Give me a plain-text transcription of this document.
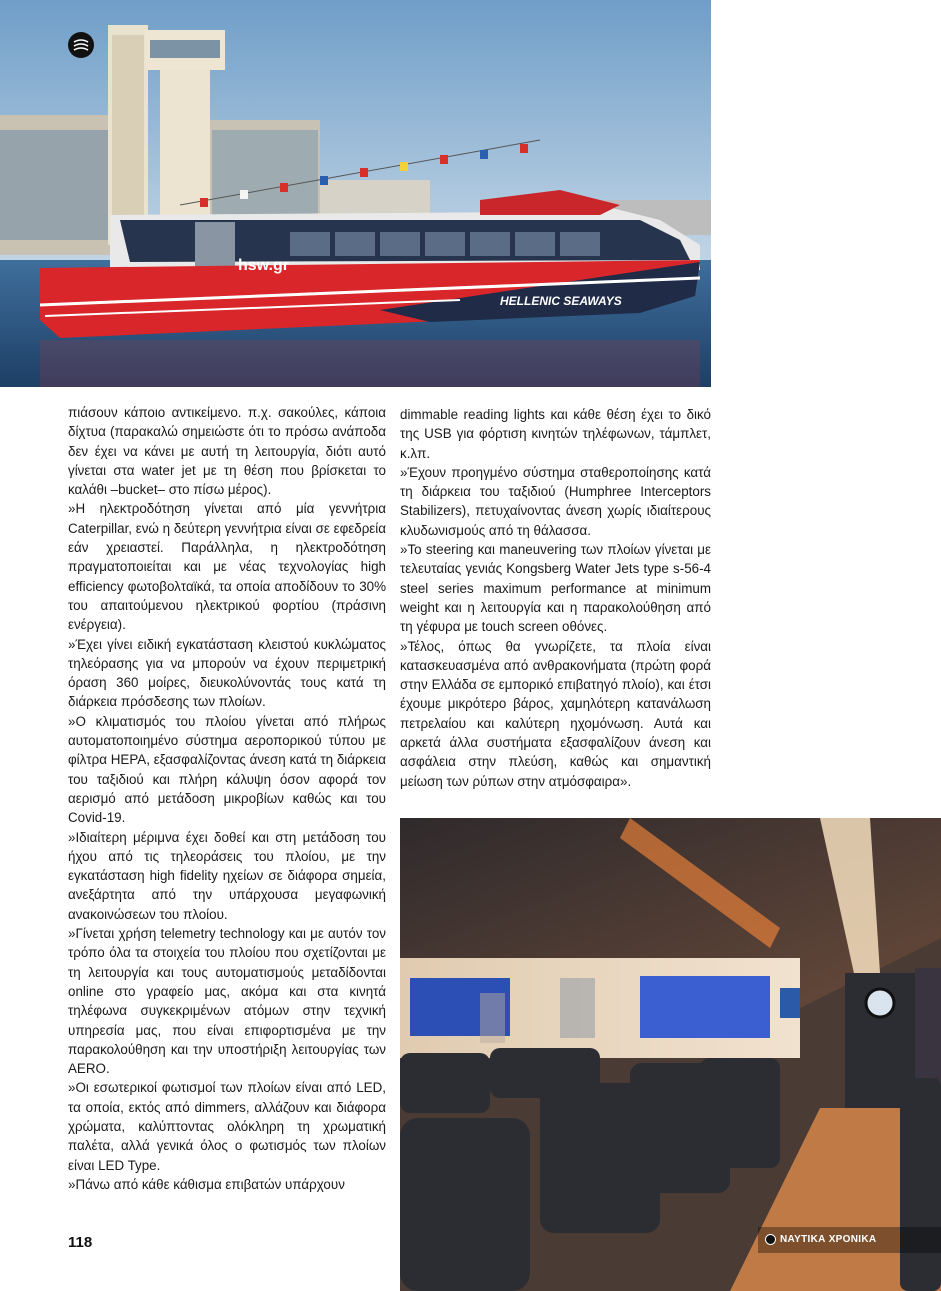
hsw.gr
HELLENIC SEAWAYS

πιάσουν κάποιο αντικείμενο. π.χ. σακούλες, κάποια δίχτυα (παρακαλώ σημειώστε ότι το πρόσω ανάποδα δεν έχει να κάνει με αυτή τη λειτουργία, διότι αυτό γίνεται στα water jet με τη θέση που βρίσκεται το καλάθι –bucket– στο πίσω μέρος).

»Η ηλεκτροδότηση γίνεται από μία γεννήτρια Caterpillar, ενώ η δεύτερη γεννήτρια είναι σε εφεδρεία εάν χρειαστεί. Παράλληλα, η ηλεκτροδότηση πραγματοποιείται και με νέας τεχνολογίας high efficiency φωτοβολταϊκά, τα οποία αποδίδουν το 30% του απαιτούμενου ηλεκτρικού φορτίου (πράσινη ενέργεια).

»Έχει γίνει ειδική εγκατάσταση κλειστού κυκλώματος τηλεόρασης για να μπορούν να έχουν περιμετρική όραση 360 μοίρες, διευκολύνοντάς τους κατά τη διάρκεια πρόσδεσης των πλοίων.

»Ο κλιματισμός του πλοίου γίνεται από πλήρως αυτοματοποιημένο σύστημα αεροπορικού τύπου με φίλτρα HEPA, εξασφαλίζοντας άνεση κατά τη διάρκεια του ταξιδιού και πλήρη κάλυψη όσον αφορά τον αερισμό από μετάδοση μικροβίων καθώς και του Covid-19.

»Ιδιαίτερη μέριμνα έχει δοθεί και στη μετάδοση του ήχου από τις τηλεοράσεις του πλοίου, με την εγκατάσταση high fidelity ηχείων σε διάφορα σημεία, ανεξάρτητα από την υπάρχουσα μεγαφωνική ανακοινώσεων του πλοίου.

»Γίνεται χρήση telemetry technology και με αυτόν τον τρόπο όλα τα στοιχεία του πλοίου που σχετίζονται με τη λειτουργία και τους αυτοματισμούς μεταδίδονται online στο γραφείο μας, ακόμα και στα κινητά τηλέφωνα συγκεκριμένων ατόμων στην τεχνική υπηρεσία μας, που είναι επιφορτισμένα με την παρακολούθηση και την υποστήριξη λειτουργίας των AERO.

»Οι εσωτερικοί φωτισμοί των πλοίων είναι από LED, τα οποία, εκτός από dimmers, αλλάζουν και διάφορα χρώματα, καλύπτοντας ολόκληρη τη χρωματική παλέτα, αλλά γενικά όλος ο φωτισμός των πλοίων είναι LED Type.

»Πάνω από κάθε κάθισμα επιβατών υπάρχουν

dimmable reading lights και κάθε θέση έχει το δικό της USB για φόρτιση κινητών τηλέφωνων, τάμπλετ, κ.λπ.

»Έχουν προηγμένο σύστημα σταθεροποίησης κατά τη διάρκεια του ταξιδιού (Humphree Interceptors Stabilizers), πετυχαίνοντας άνεση χωρίς ιδιαίτερους κλυδωνισμούς από τη θάλασσα.

»Το steering και maneuvering των πλοίων γίνεται με τελευταίας γενιάς Kongsberg Water Jets type s-56-4 steel series maximum performance at minimum weight και η λειτουργία και η παρακολούθηση από τη γέφυρα με touch screen οθόνες.

»Τέλος, όπως θα γνωρίζετε, τα πλοία είναι κατασκευασμένα από ανθρακονήματα (πρώτη φορά στην Ελλάδα σε εμπορικό επιβατηγό πλοίο), και έτσι έχουμε μικρότερο βάρος, χαμηλότερη κατανάλωση πετρελαίου και καλύτερη ηχομόνωση. Αυτά και αρκετά άλλα συστήματα εξασφαλίζουν άνεση και ασφάλεια στην πλεύση, καθώς και σημαντική μείωση των ρύπων στην ατμόσφαιρα».

118	ΝΑΥΤΙΚΑ ΧΡΟΝΙΚΑ
